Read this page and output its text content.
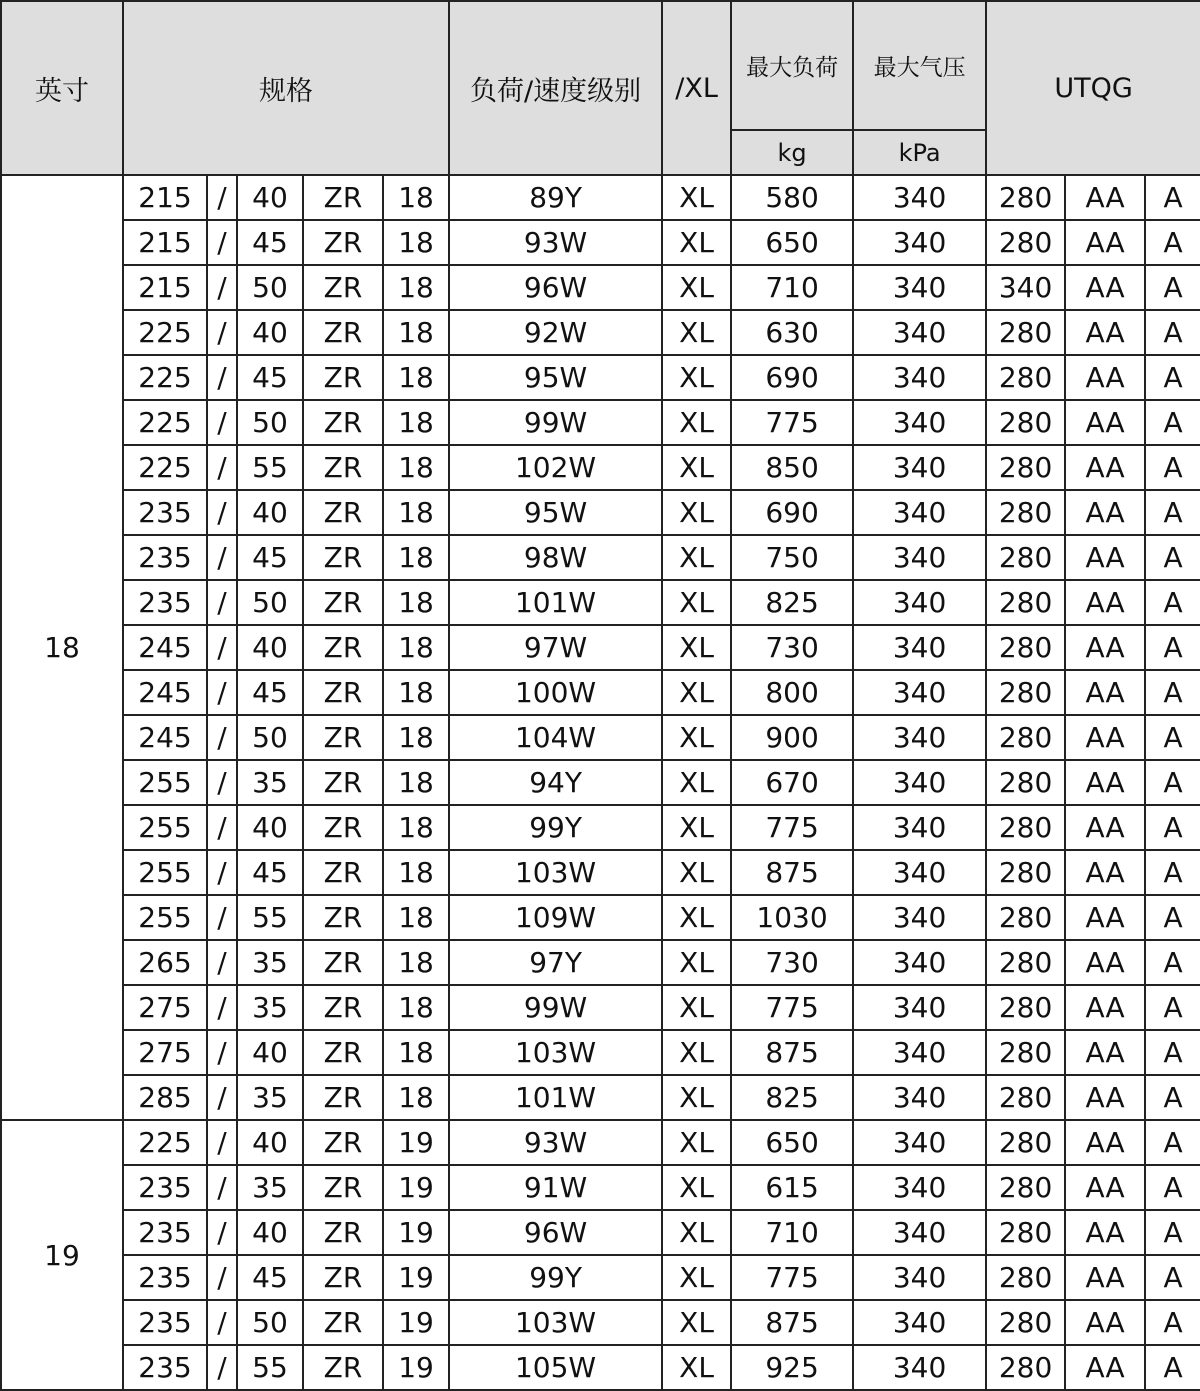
英寸	规格					负荷/速度级别	/XL	最大负荷	最大气压	UTQG		
								kg	kPa			
18	215	/	40	ZR	18	89Y	XL	580	340	280	AA	A
	215	/	45	ZR	18	93W	XL	650	340	280	AA	A
	215	/	50	ZR	18	96W	XL	710	340	340	AA	A
	225	/	40	ZR	18	92W	XL	630	340	280	AA	A
	225	/	45	ZR	18	95W	XL	690	340	280	AA	A
	225	/	50	ZR	18	99W	XL	775	340	280	AA	A
	225	/	55	ZR	18	102W	XL	850	340	280	AA	A
	235	/	40	ZR	18	95W	XL	690	340	280	AA	A
	235	/	45	ZR	18	98W	XL	750	340	280	AA	A
	235	/	50	ZR	18	101W	XL	825	340	280	AA	A
	245	/	40	ZR	18	97W	XL	730	340	280	AA	A
	245	/	45	ZR	18	100W	XL	800	340	280	AA	A
	245	/	50	ZR	18	104W	XL	900	340	280	AA	A
	255	/	35	ZR	18	94Y	XL	670	340	280	AA	A
	255	/	40	ZR	18	99Y	XL	775	340	280	AA	A
	255	/	45	ZR	18	103W	XL	875	340	280	AA	A
	255	/	55	ZR	18	109W	XL	1030	340	280	AA	A
	265	/	35	ZR	18	97Y	XL	730	340	280	AA	A
	275	/	35	ZR	18	99W	XL	775	340	280	AA	A
	275	/	40	ZR	18	103W	XL	875	340	280	AA	A
	285	/	35	ZR	18	101W	XL	825	340	280	AA	A
19	225	/	40	ZR	19	93W	XL	650	340	280	AA	A
	235	/	35	ZR	19	91W	XL	615	340	280	AA	A
	235	/	40	ZR	19	96W	XL	710	340	280	AA	A
	235	/	45	ZR	19	99Y	XL	775	340	280	AA	A
	235	/	50	ZR	19	103W	XL	875	340	280	AA	A
	235	/	55	ZR	19	105W	XL	925	340	280	AA	A
